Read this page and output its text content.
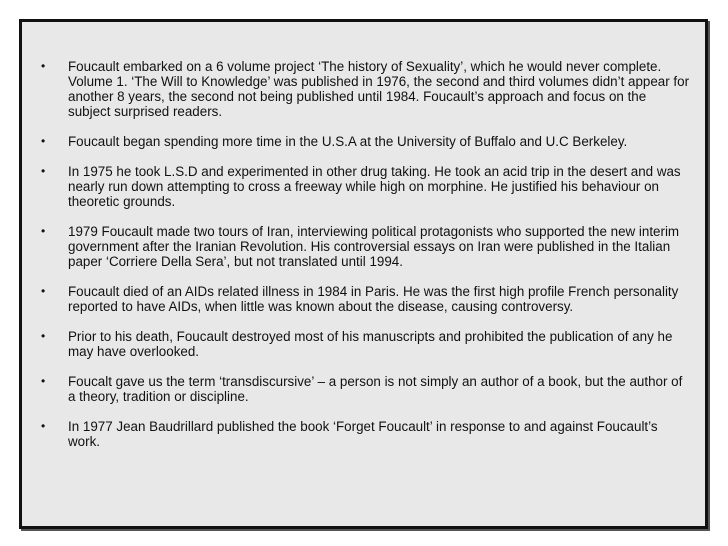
• Foucault embarked on a 6 volume project ‘The history of Sexuality’, which he would never complete. Volume 1. ‘The Will to Knowledge’ was published in 1976, the second and third volumes didn’t appear for another 8 years, the second not being published until 1984. Foucault’s approach and focus on the subject surprised readers.
• Foucault began spending more time in the U.S.A at the University of Buffalo and U.C Berkeley.
• In 1975 he took L.S.D and experimented in other drug taking. He took an acid trip in the desert and was nearly run down attempting to cross a freeway while high on morphine. He justified his behaviour on theoretic grounds.
• 1979 Foucault made two tours of Iran, interviewing political protagonists who supported the new interim government after the Iranian Revolution. His controversial essays on Iran were published in the Italian paper ‘Corriere Della Sera’, but not translated until 1994.
• Foucault died of an AIDs related illness in 1984 in Paris. He was the first high profile French personality reported to have AIDs, when little was known about the disease, causing controversy.
• Prior to his death, Foucault destroyed most of his manuscripts and prohibited the publication of any he may have overlooked.
• Foucalt gave us the term ‘transdiscursive’ – a person is not simply an author of a book, but the author of a theory, tradition or discipline.
• In 1977 Jean Baudrillard published the book ‘Forget Foucault’ in response to and against Foucault’s work.
